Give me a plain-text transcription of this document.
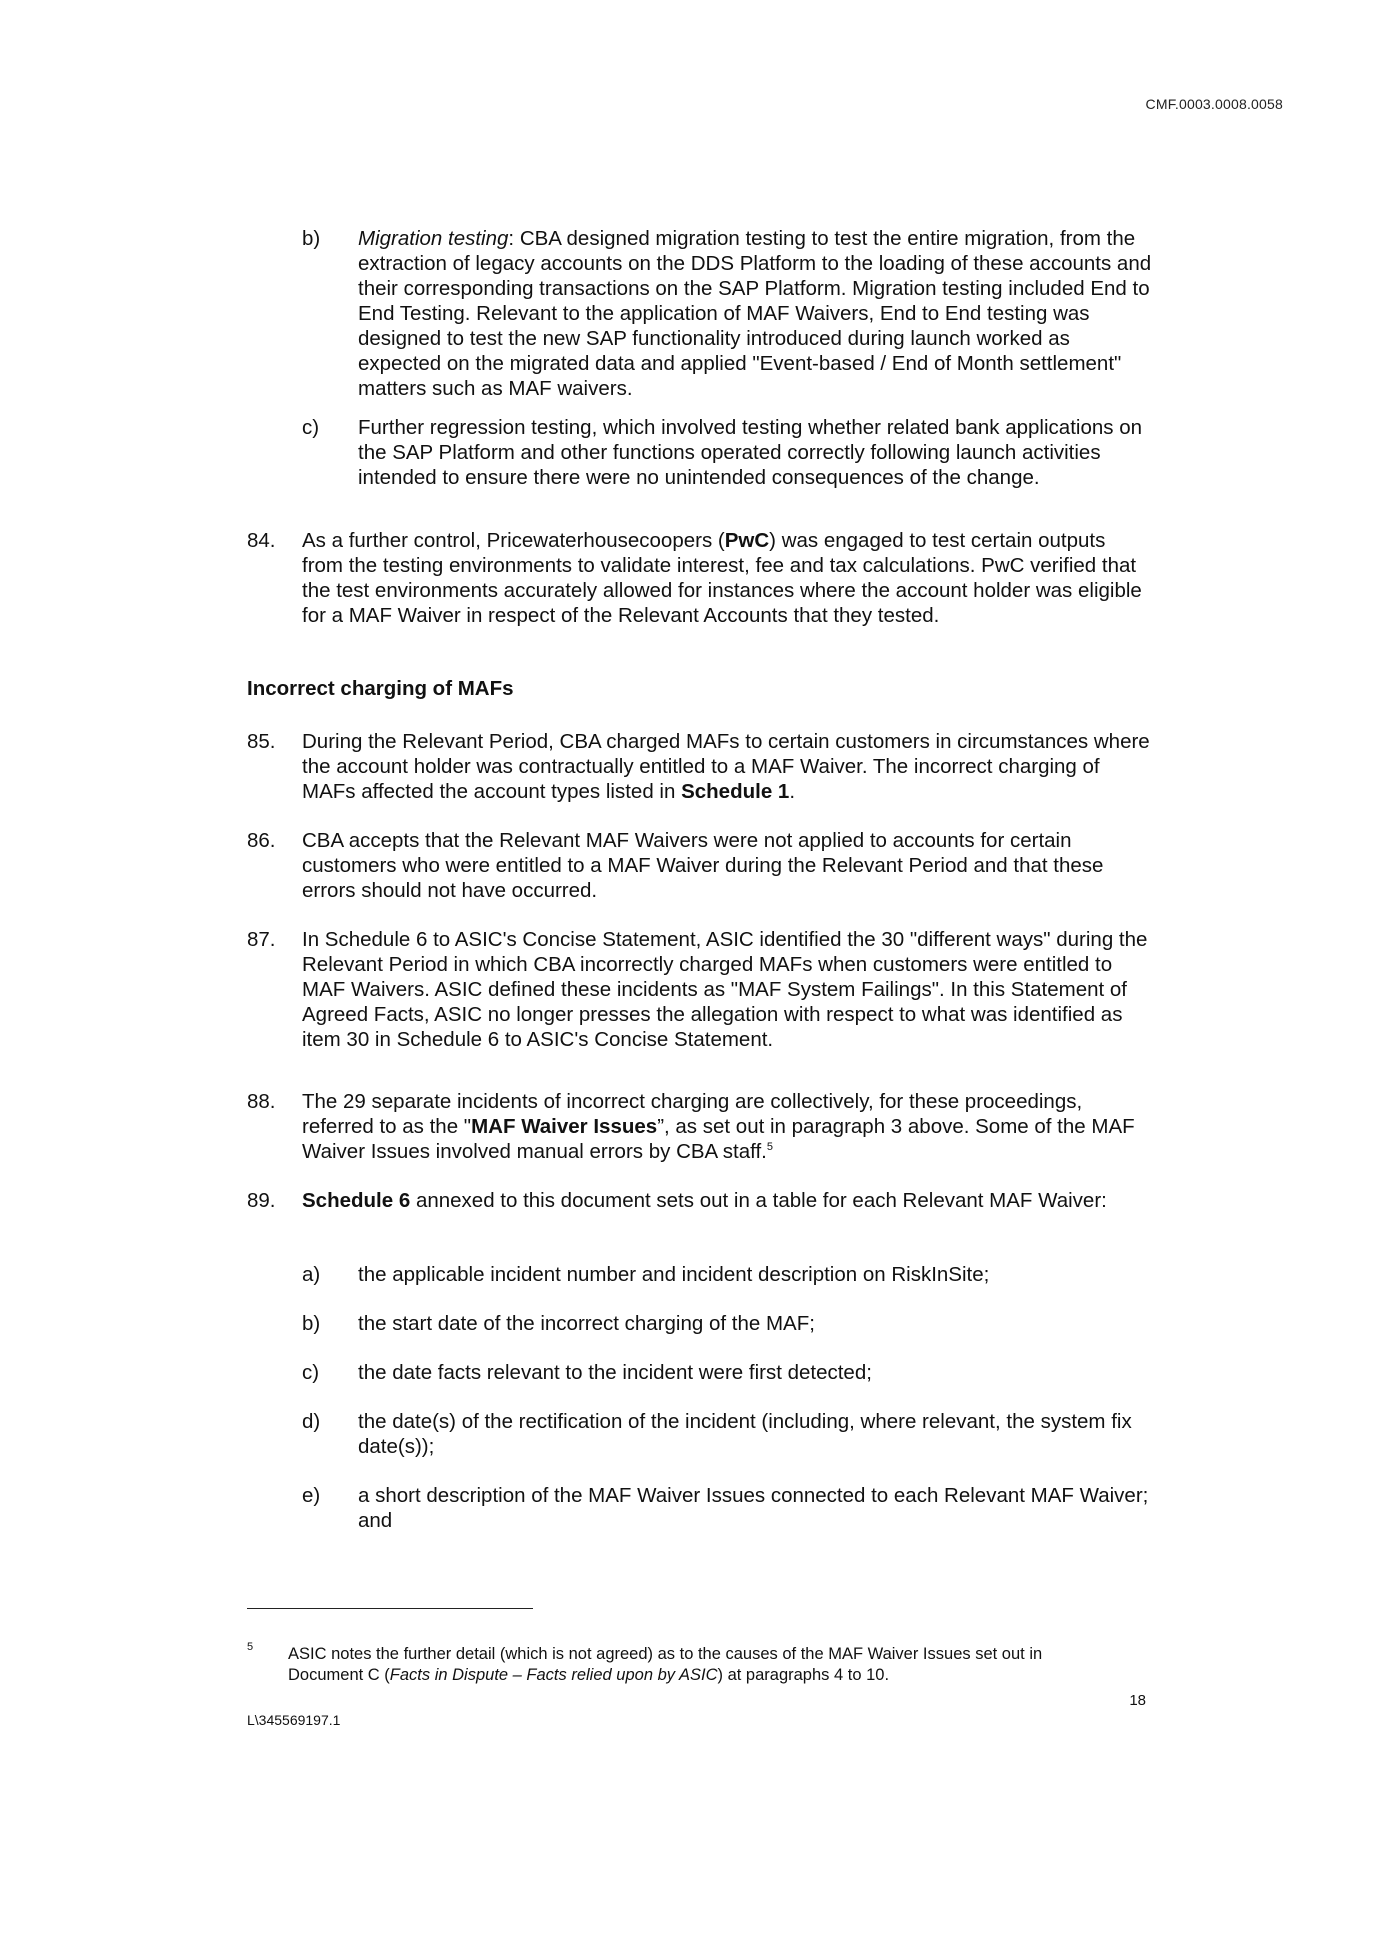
CMF.0003.0008.0058
b) Migration testing: CBA designed migration testing to test the entire migration, from the extraction of legacy accounts on the DDS Platform to the loading of these accounts and their corresponding transactions on the SAP Platform. Migration testing included End to End Testing. Relevant to the application of MAF Waivers, End to End testing was designed to test the new SAP functionality introduced during launch worked as expected on the migrated data and applied "Event-based / End of Month settlement" matters such as MAF waivers.
c) Further regression testing, which involved testing whether related bank applications on the SAP Platform and other functions operated correctly following launch activities intended to ensure there were no unintended consequences of the change.
84. As a further control, Pricewaterhousecoopers (PwC) was engaged to test certain outputs from the testing environments to validate interest, fee and tax calculations. PwC verified that the test environments accurately allowed for instances where the account holder was eligible for a MAF Waiver in respect of the Relevant Accounts that they tested.
Incorrect charging of MAFs
85. During the Relevant Period, CBA charged MAFs to certain customers in circumstances where the account holder was contractually entitled to a MAF Waiver. The incorrect charging of MAFs affected the account types listed in Schedule 1.
86. CBA accepts that the Relevant MAF Waivers were not applied to accounts for certain customers who were entitled to a MAF Waiver during the Relevant Period and that these errors should not have occurred.
87. In Schedule 6 to ASIC's Concise Statement, ASIC identified the 30 "different ways" during the Relevant Period in which CBA incorrectly charged MAFs when customers were entitled to MAF Waivers. ASIC defined these incidents as "MAF System Failings". In this Statement of Agreed Facts, ASIC no longer presses the allegation with respect to what was identified as item 30 in Schedule 6 to ASIC's Concise Statement.
88. The 29 separate incidents of incorrect charging are collectively, for these proceedings, referred to as the "MAF Waiver Issues”, as set out in paragraph 3 above. Some of the MAF Waiver Issues involved manual errors by CBA staff.$^5$
89. Schedule 6 annexed to this document sets out in a table for each Relevant MAF Waiver:
a) the applicable incident number and incident description on RiskInSite;
b) the start date of the incorrect charging of the MAF;
c) the date facts relevant to the incident were first detected;
d) the date(s) of the rectification of the incident (including, where relevant, the system fix date(s));
e) a short description of the MAF Waiver Issues connected to each Relevant MAF Waiver; and
5 ASIC notes the further detail (which is not agreed) as to the causes of the MAF Waiver Issues set out in Document C (Facts in Dispute – Facts relied upon by ASIC) at paragraphs 4 to 10.
18
L\345569197.1
